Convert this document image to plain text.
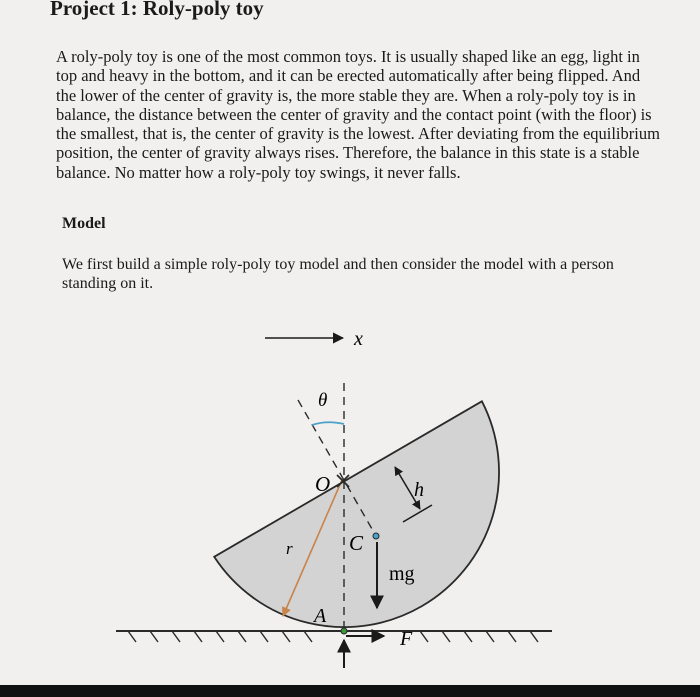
Project 1: Roly-poly toy

A roly-poly toy is one of the most common toys. It is usually shaped like an egg, light in top and heavy in the bottom, and it can be erected automatically after being flipped. And the lower of the center of gravity is, the more stable they are. When a roly-poly toy is in balance, the distance between the center of gravity and the contact point (with the floor) is the smallest, that is, the center of gravity is the lowest. After deviating from the equilibrium position, the center of gravity always rises. Therefore, the balance in this state is a stable balance. No matter how a roly-poly toy swings, it never falls.

Model

We first build a simple roly-poly toy model and then consider the model with a person standing on it.

x
θ
r
O
C
h
mg
A
F
